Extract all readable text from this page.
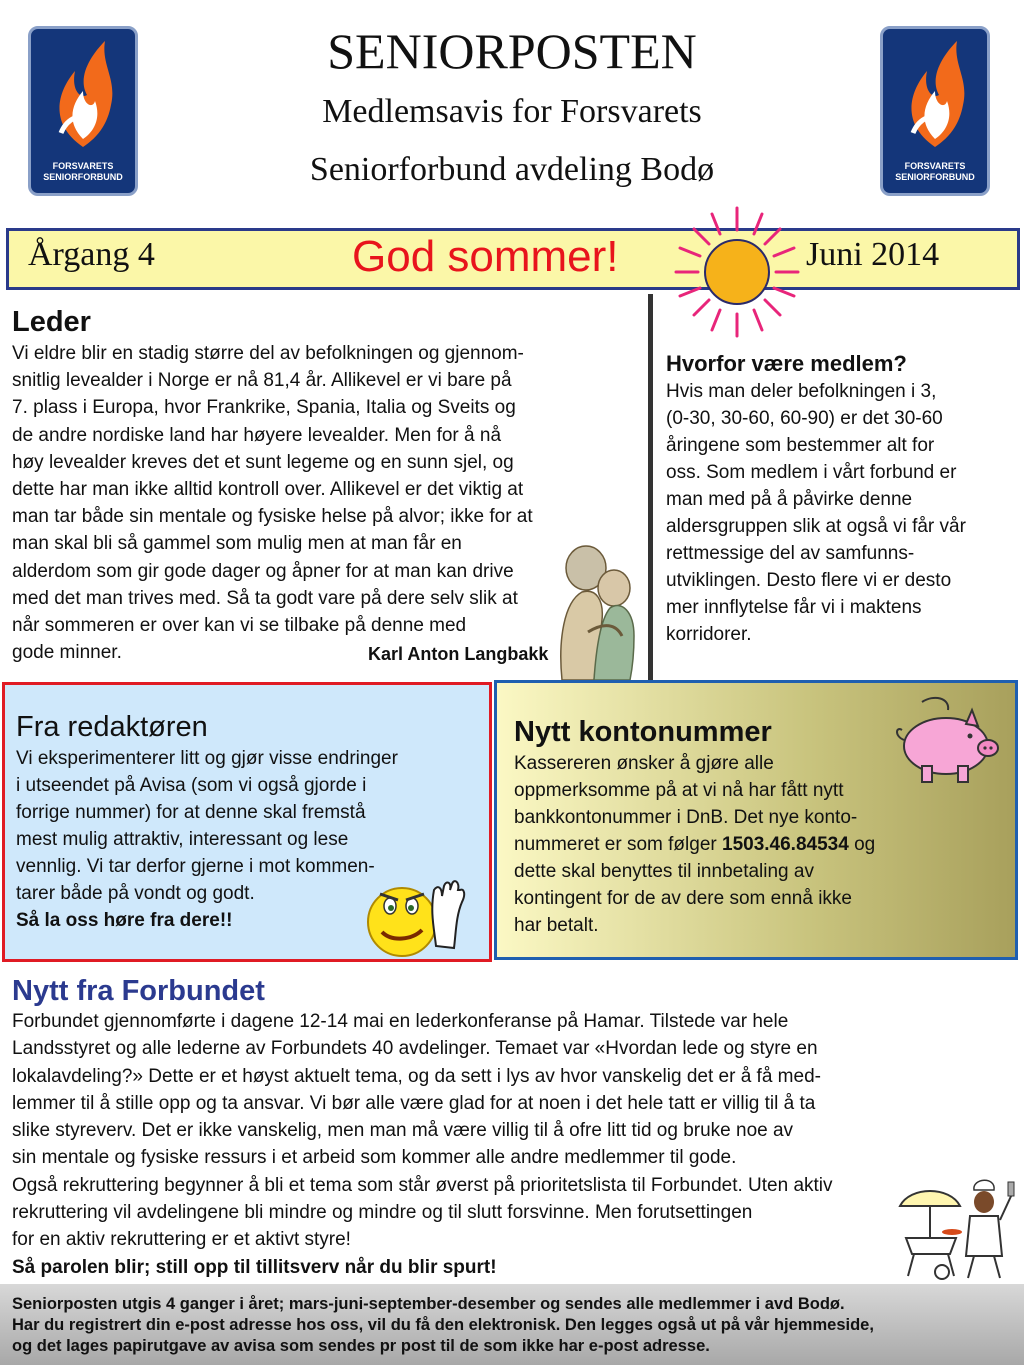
FORSVARETS
SENIORFORBUND
FORSVARETS
SENIORFORBUND
SENIORPOSTEN
Medlemsavis for Forsvarets
Seniorforbund avdeling Bodø
Årgang 4	God sommer!	Juni 2014
Leder
Vi eldre blir en stadig større del av befolkningen og gjennom-
snitlig levealder i Norge er nå 81,4 år. Allikevel er vi bare på
7. plass i Europa, hvor Frankrike, Spania, Italia og Sveits og
de andre nordiske land har høyere levealder. Men for å nå
høy levealder kreves det et sunt legeme og en sunn sjel, og
dette har man ikke alltid kontroll over. Allikevel er det viktig at
man tar både sin mentale og fysiske helse på alvor; ikke for at
man skal bli så gammel som mulig men at man får en
alderdom som gir gode dager og åpner for at man kan drive
med det man trives med. Så ta godt vare på dere selv slik at
når sommeren er over kan vi se tilbake på denne med
gode minner.	Karl Anton Langbakk
Hvorfor være medlem?
Hvis man deler befolkningen i 3,
(0-30, 30-60, 60-90) er det 30-60
åringene som bestemmer alt for
oss. Som medlem i vårt forbund er
man med på å påvirke denne
aldersgruppen slik at også vi får vår
rettmessige del av samfunns-
utviklingen. Desto flere vi er desto
mer innflytelse får vi i maktens
korridorer.
Fra redaktøren
Vi eksperimenterer litt og gjør visse endringer
i utseendet på Avisa (som vi også gjorde i
forrige nummer) for at denne skal fremstå
mest mulig attraktiv, interessant og lese
vennlig. Vi tar derfor gjerne i mot kommen-
tarer både på vondt og godt.
Så la oss høre fra dere!!
Nytt kontonummer
Kassereren ønsker å gjøre alle
oppmerksomme på at vi nå har fått nytt
bankkontonummer i DnB. Det nye konto-
nummeret er som følger 1503.46.84534 og
dette skal benyttes til innbetaling av
kontingent for de av dere som ennå ikke
har betalt.
Nytt fra Forbundet
Forbundet gjennomførte i dagene 12-14 mai en lederkonferanse på Hamar. Tilstede var hele
Landsstyret og alle lederne av Forbundets 40 avdelinger. Temaet var «Hvordan lede og styre en
lokalavdeling?» Dette er et høyst aktuelt tema, og da sett i lys av hvor vanskelig det er å få med-
lemmer til å stille opp og ta ansvar. Vi bør alle være glad for at noen i det hele tatt er villig til å ta
slike styreverv. Det er ikke vanskelig, men man må være villig til å ofre litt tid og bruke noe av
sin mentale og fysiske ressurs i et arbeid som kommer alle andre medlemmer til gode.
Også rekruttering begynner å bli et tema som står øverst på prioritetslista til Forbundet. Uten aktiv
rekruttering vil avdelingene bli mindre og mindre og til slutt forsvinne. Men forutsettingen
for en aktiv rekruttering er et aktivt styre!
Så parolen blir; still opp til tillitsverv når du blir spurt!
Seniorposten utgis 4 ganger i året; mars-juni-september-desember og sendes alle medlemmer i avd Bodø.
Har du registrert din e-post adresse hos oss, vil du få den elektronisk. Den legges også ut på vår hjemmeside,
og det lages papirutgave av avisa som sendes pr post til de som ikke har e-post adresse.
